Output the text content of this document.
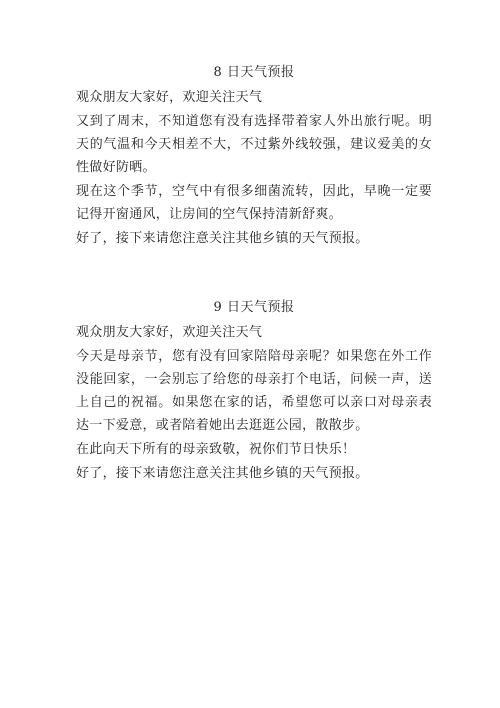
8 日天气预报

观众朋友大家好，欢迎关注天气

又到了周末，不知道您有没有选择带着家人外出旅行呢。明天的气温和今天相差不大，不过紫外线较强，建议爱美的女性做好防晒。

现在这个季节，空气中有很多细菌流转，因此，早晚一定要记得开窗通风，让房间的空气保持清新舒爽。

好了，接下来请您注意关注其他乡镇的天气预报。

9 日天气预报

观众朋友大家好，欢迎关注天气

今天是母亲节，您有没有回家陪陪母亲呢？如果您在外工作没能回家，一会别忘了给您的母亲打个电话，问候一声，送上自己的祝福。如果您在家的话，希望您可以亲口对母亲表达一下爱意，或者陪着她出去逛逛公园，散散步。

在此向天下所有的母亲致敬，祝你们节日快乐！

好了，接下来请您注意关注其他乡镇的天气预报。
